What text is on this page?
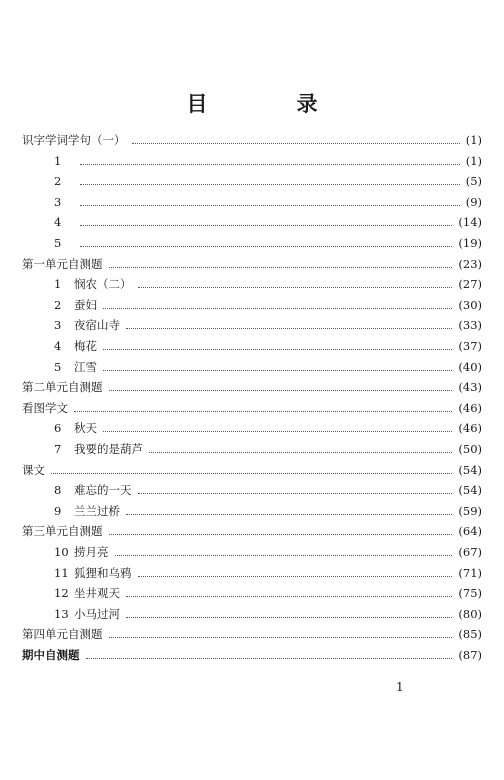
目　录
识字学词学句（一）	(1)
1	(1)
2	(5)
3	(9)
4	(14)
5	(19)
第一单元自测题	(23)
1	悯农（二）	(27)
2	蚕妇	(30)
3	夜宿山寺	(33)
4	梅花	(37)
5	江雪	(40)
第二单元自测题	(43)
看图学文	(46)
6	秋天	(46)
7	我要的是葫芦	(50)
课文	(54)
8	难忘的一天	(54)
9	兰兰过桥	(59)
第三单元自测题	(64)
10 捞月亮	(67)
11 狐狸和乌鸦	(71)
12 坐井观天	(75)
13 小马过河	(80)
第四单元自测题	(85)
期中自测题	(87)
1
